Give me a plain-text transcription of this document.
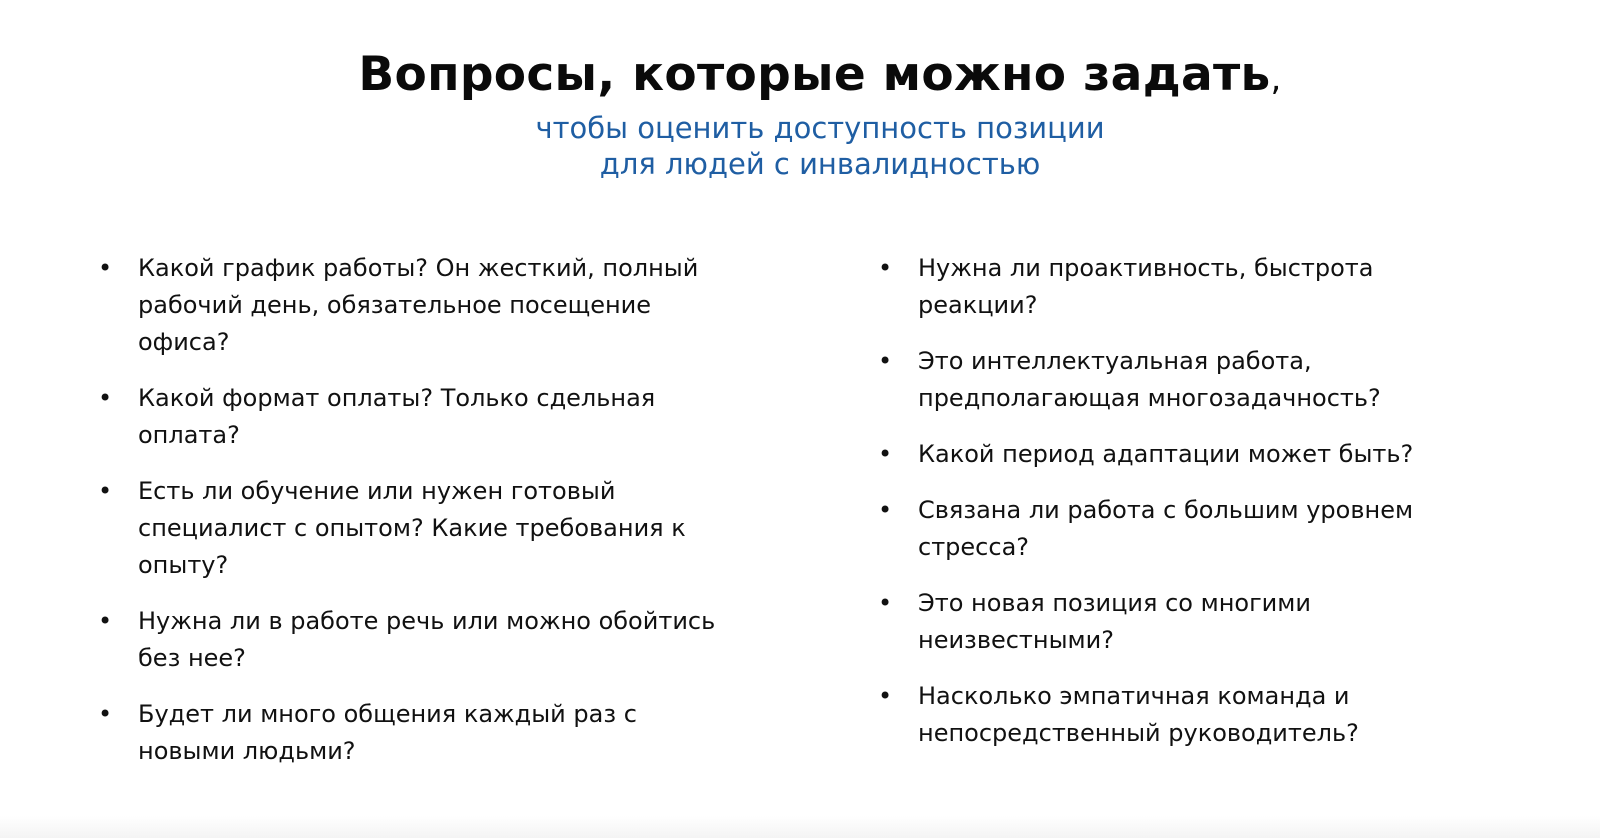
Вопросы, которые можно задать,
чтобы оценить доступность позиции
для людей с инвалидностью
•	Какой график работы? Он жесткий, полный рабочий день, обязательное посещение офиса?
•	Какой формат оплаты? Только сдельная оплата?
•	Есть ли обучение или нужен готовый специалист с опытом? Какие требования к опыту?
•	Нужна ли в работе речь или можно обойтись без нее?
•	Будет ли много общения каждый раз с новыми людьми?
•	Нужна ли проактивность, быстрота реакции?
•	Это интеллектуальная работа, предполагающая многозадачность?
•	Какой период адаптации может быть?
•	Связана ли работа с большим уровнем стресса?
•	Это новая позиция со многими неизвестными?
•	Насколько эмпатичная команда и непосредственный руководитель?
